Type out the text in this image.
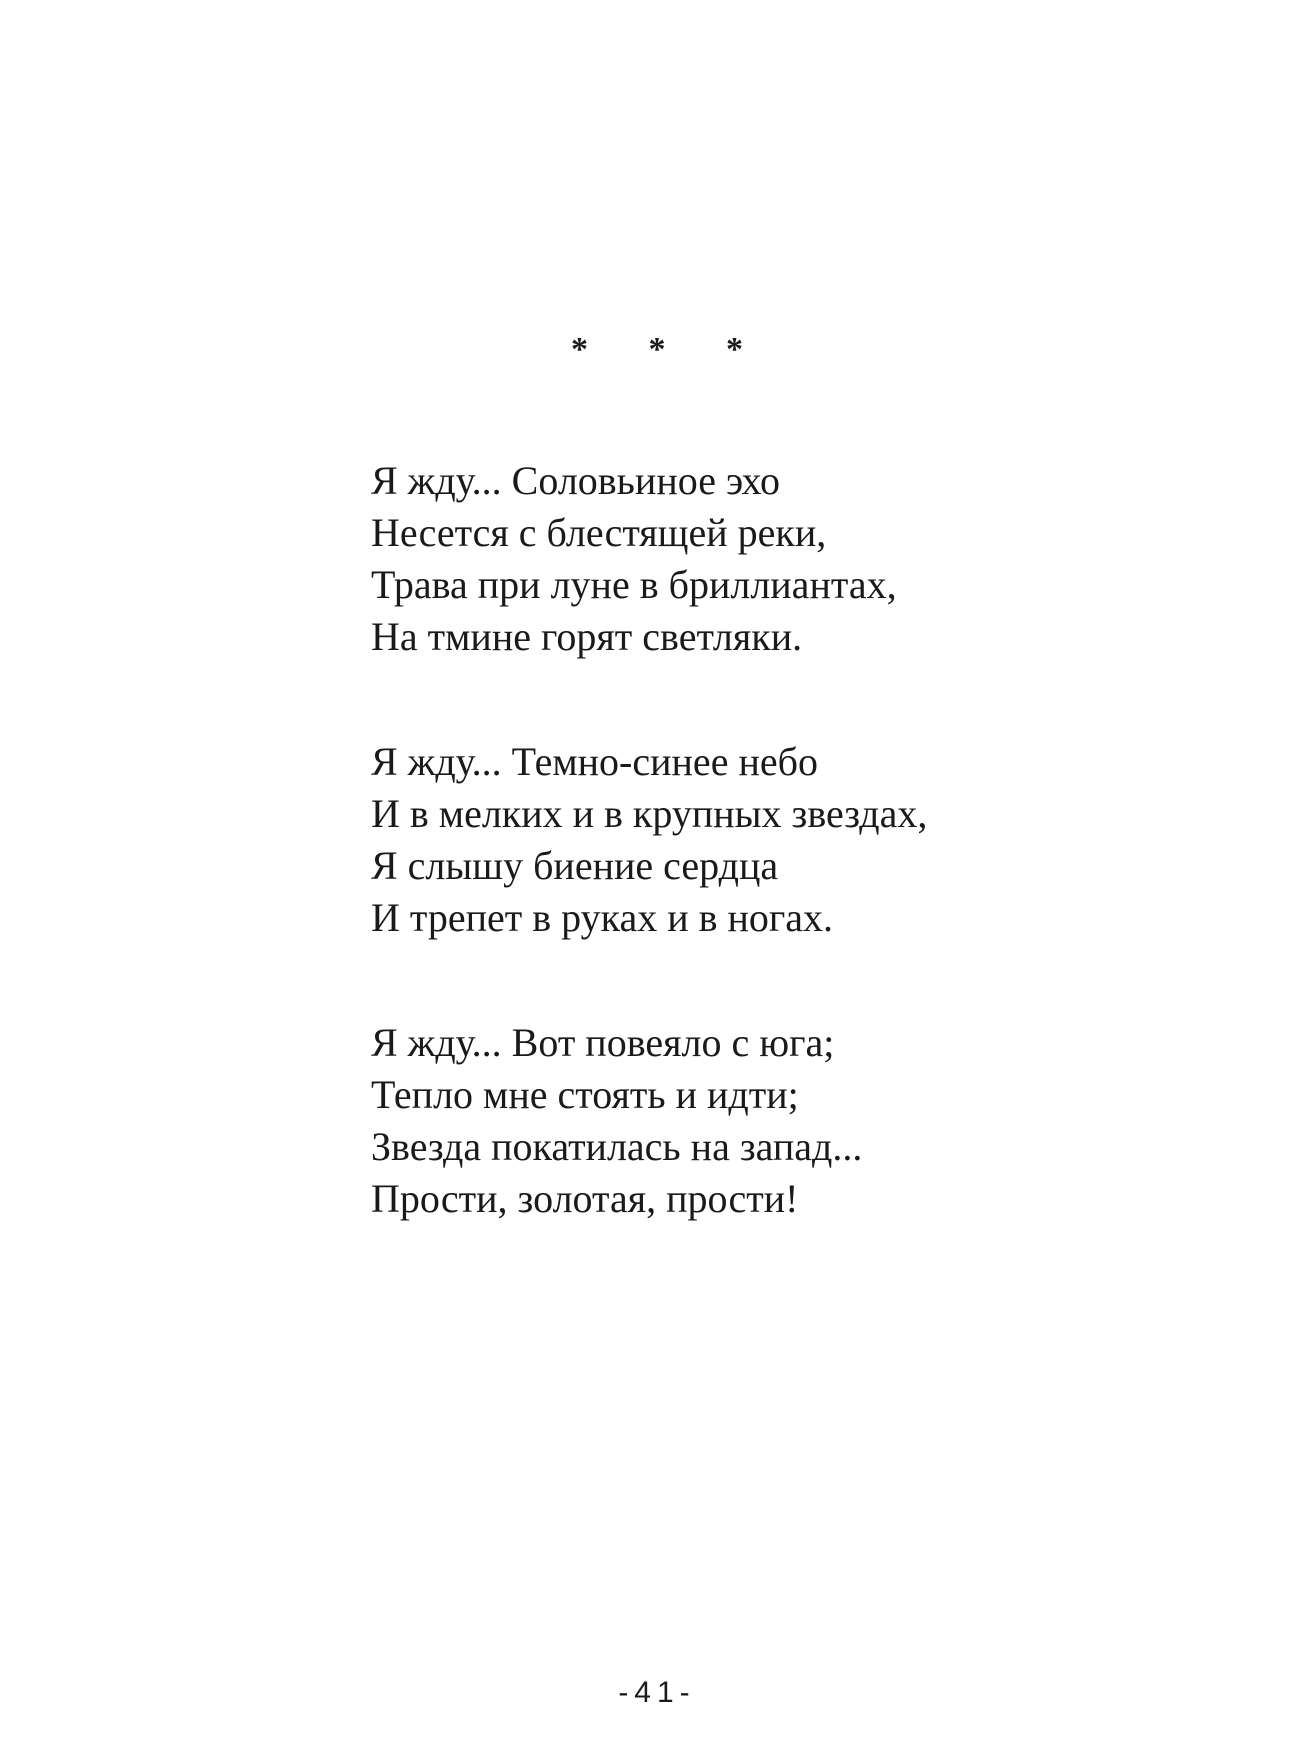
* * *
Я жду... Соловьиное эхо
Несется с блестящей реки,
Трава при луне в бриллиантах,
На тмине горят светляки.
Я жду... Темно-синее небо
И в мелких и в крупных звездах,
Я слышу биение сердца
И трепет в руках и в ногах.
Я жду... Вот повеяло с юга;
Тепло мне стоять и идти;
Звезда покатилась на запад...
Прости, золотая, прости!
-41-
